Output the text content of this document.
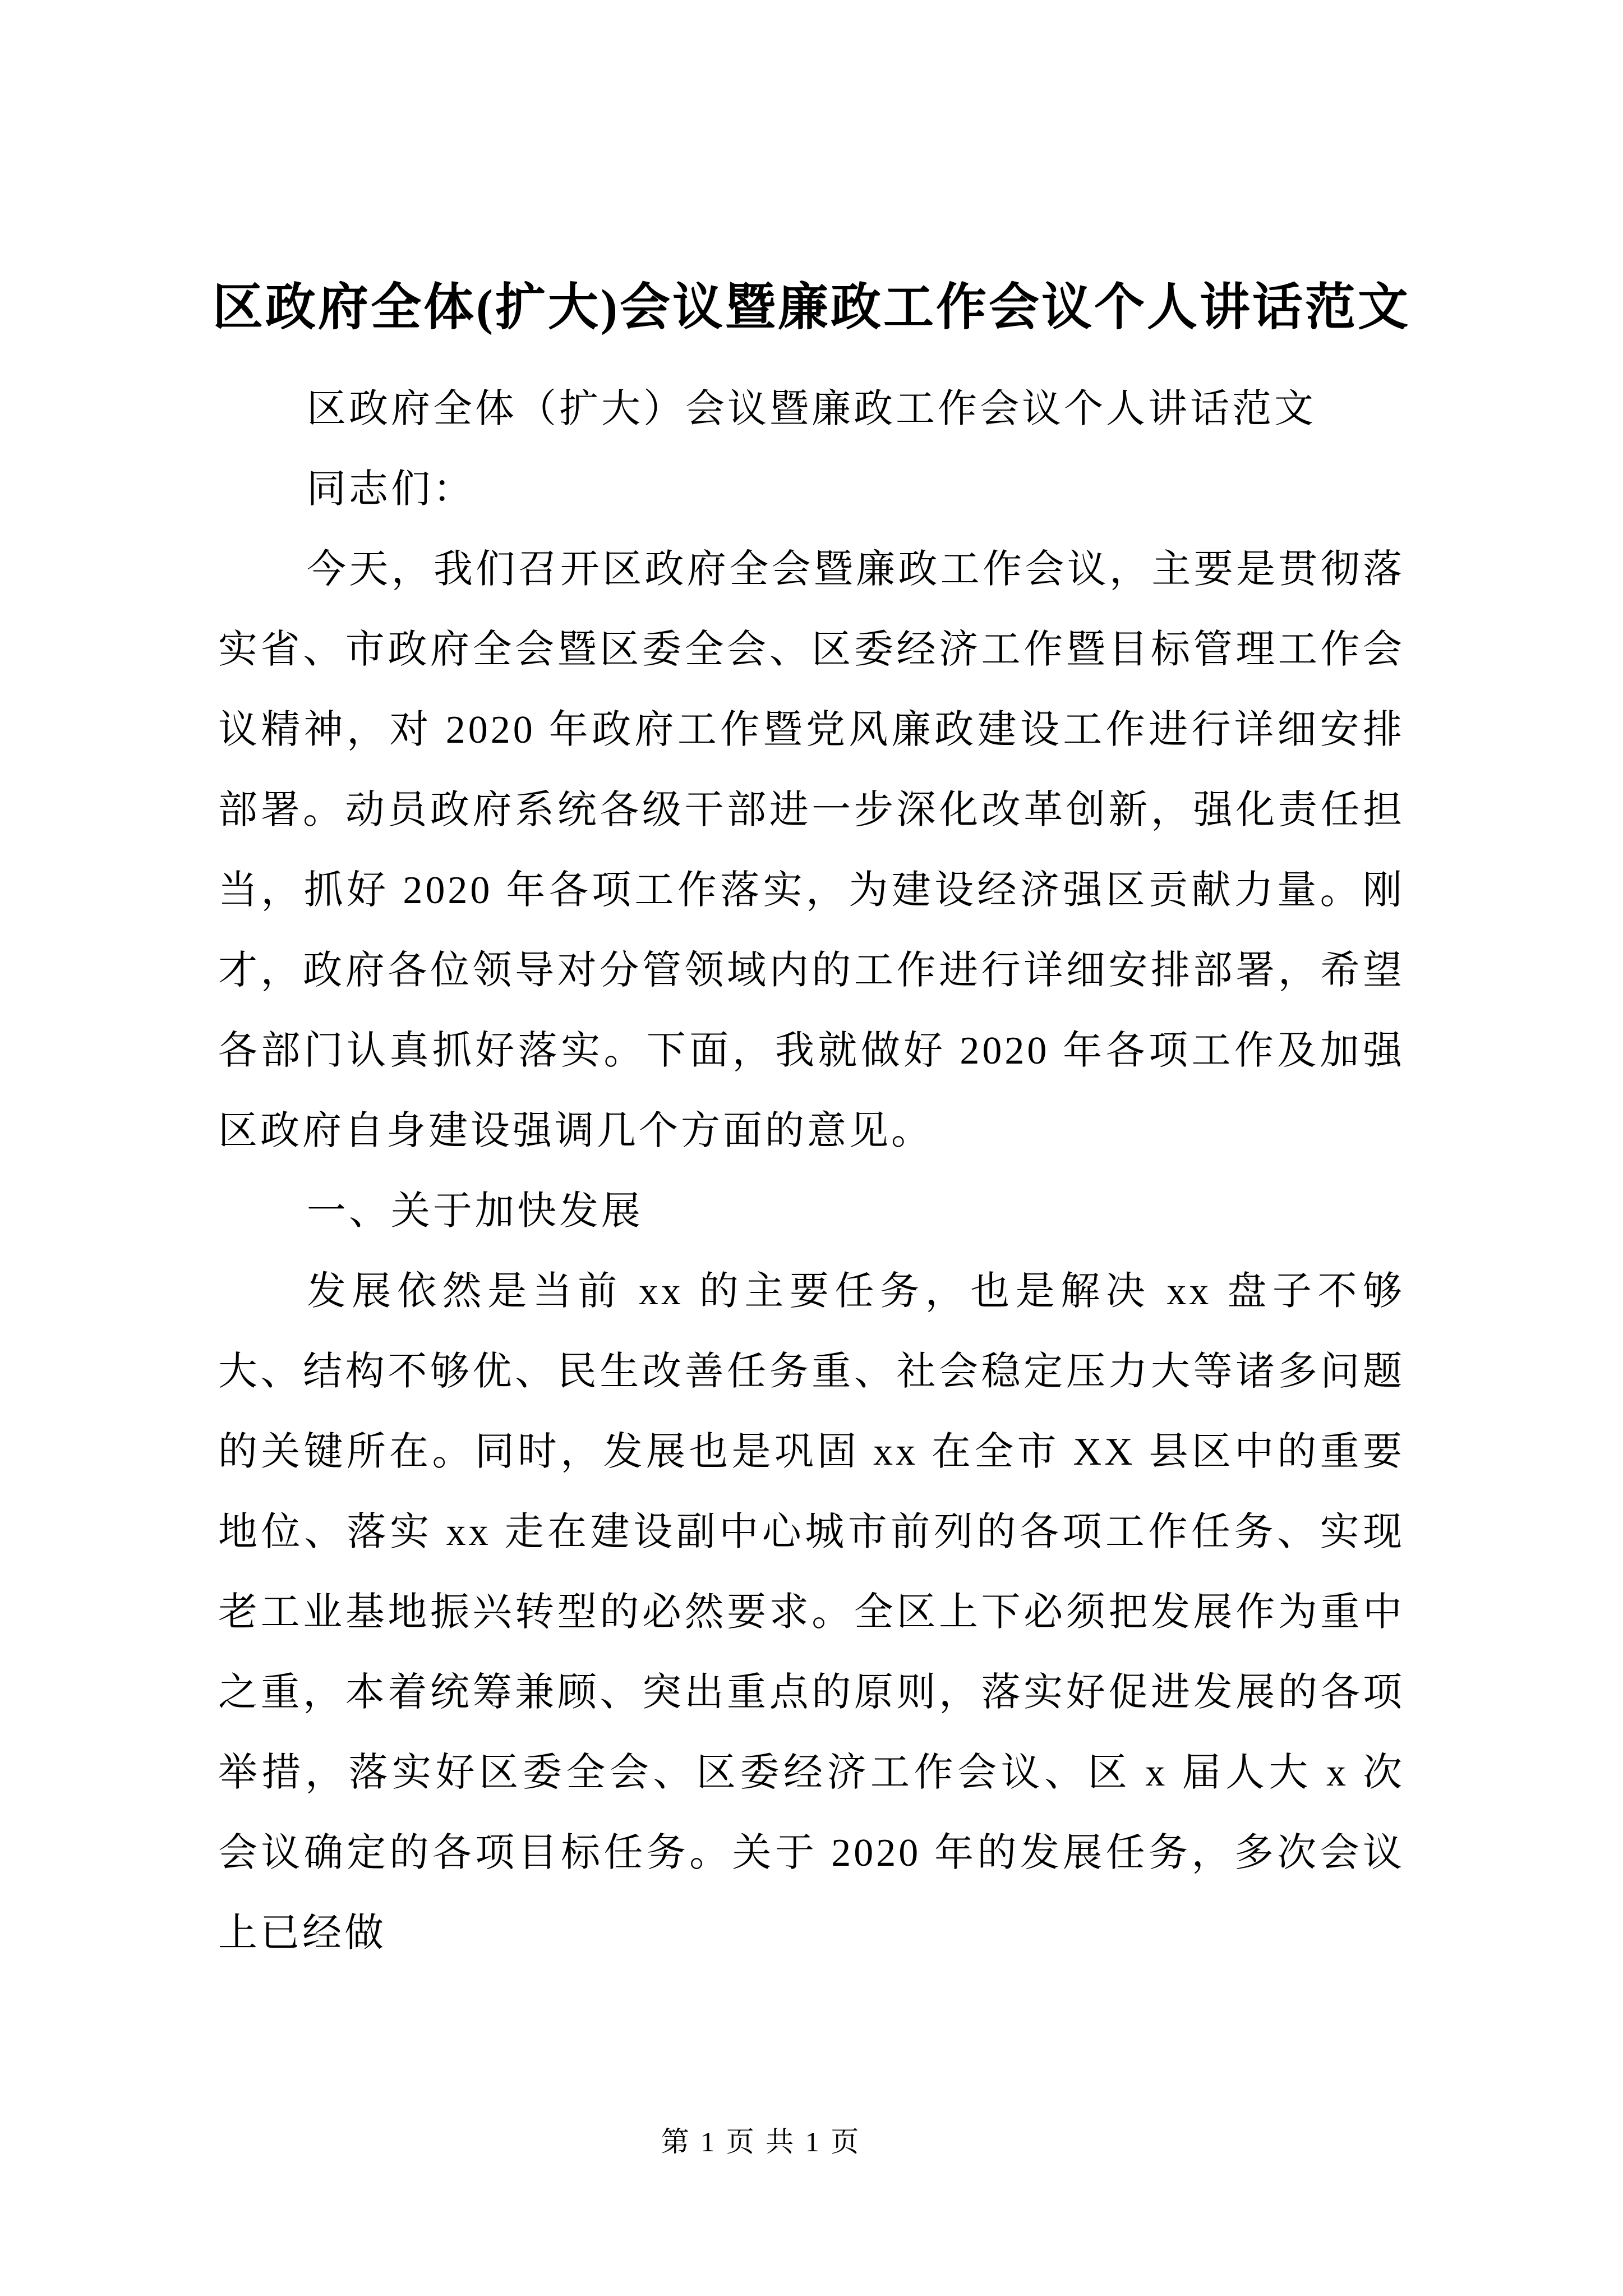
区政府全体(扩大)会议暨廉政工作会议个人讲话范文

区政府全体（扩大）会议暨廉政工作会议个人讲话范文

同志们：

今天，我们召开区政府全会暨廉政工作会议，主要是贯彻落实省、市政府全会暨区委全会、区委经济工作暨目标管理工作会议精神，对 2020 年政府工作暨党风廉政建设工作进行详细安排部署。动员政府系统各级干部进一步深化改革创新，强化责任担当，抓好 2020 年各项工作落实，为建设经济强区贡献力量。刚才，政府各位领导对分管领域内的工作进行详细安排部署，希望各部门认真抓好落实。下面，我就做好 2020 年各项工作及加强区政府自身建设强调几个方面的意见。

一、关于加快发展

发展依然是当前 xx 的主要任务，也是解决 xx 盘子不够大、结构不够优、民生改善任务重、社会稳定压力大等诸多问题的关键所在。同时，发展也是巩固 xx 在全市 XX 县区中的重要地位、落实 xx 走在建设副中心城市前列的各项工作任务、实现老工业基地振兴转型的必然要求。全区上下必须把发展作为重中之重，本着统筹兼顾、突出重点的原则，落实好促进发展的各项举措，落实好区委全会、区委经济工作会议、区 x 届人大 x 次会议确定的各项目标任务。关于 2020 年的发展任务，多次会议上已经做

第 1 页 共 1 页
